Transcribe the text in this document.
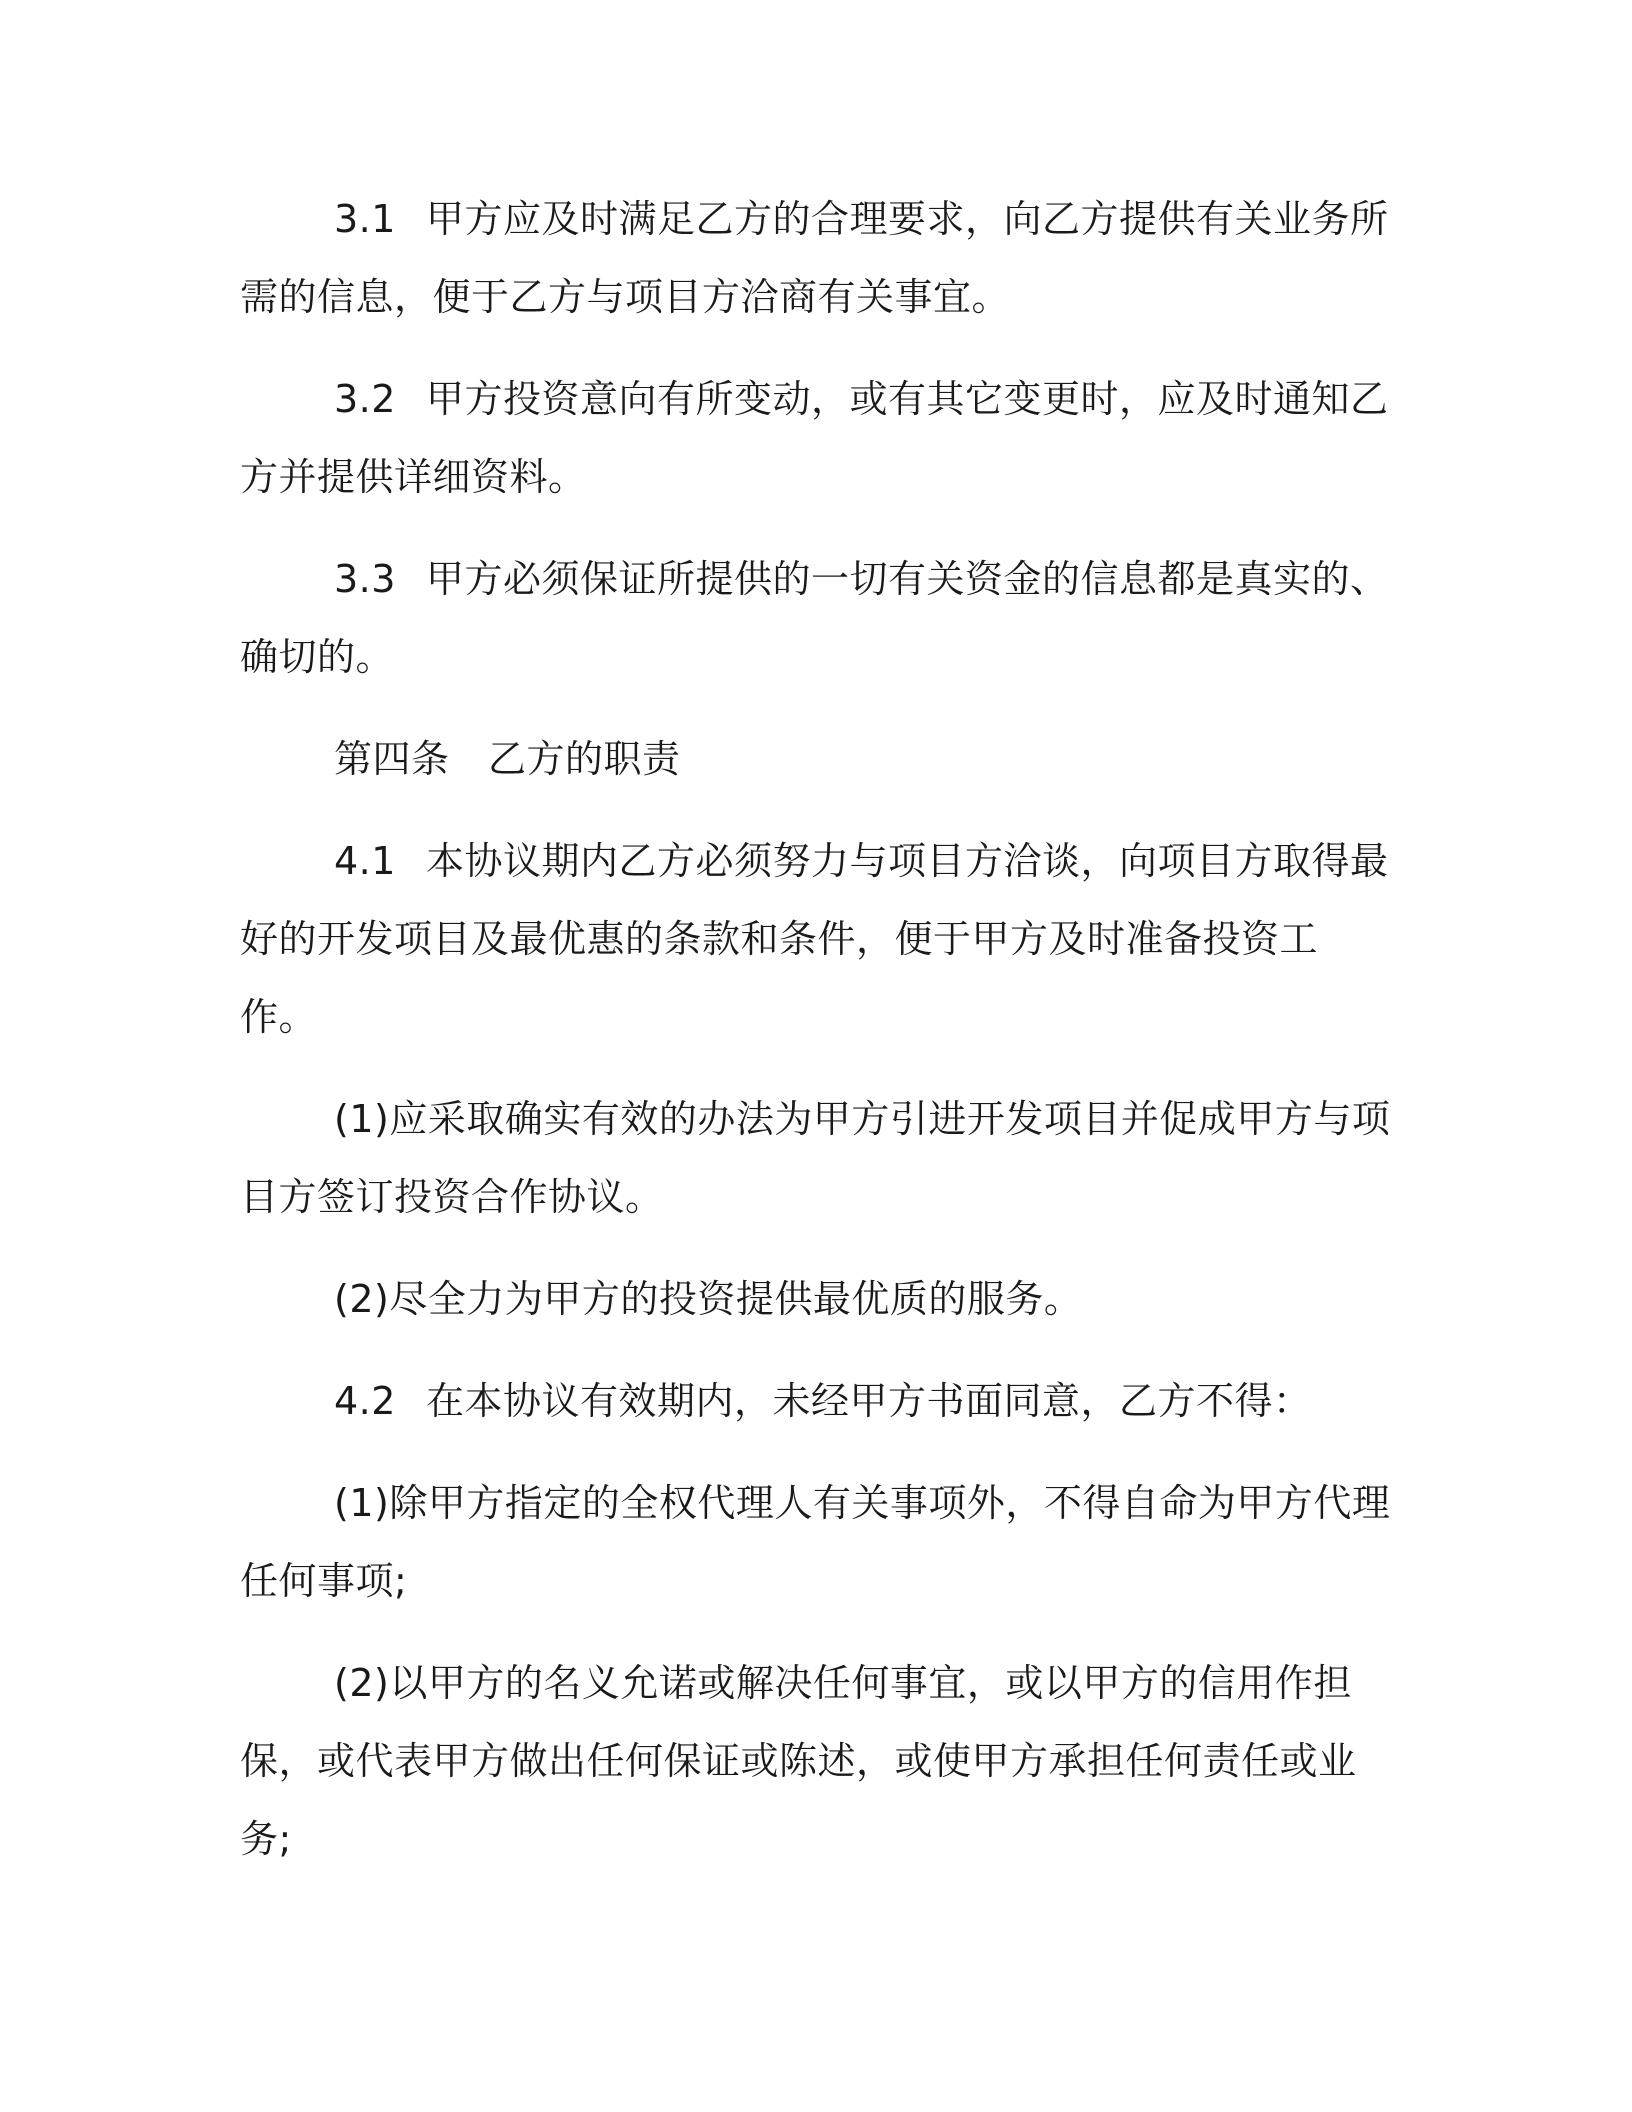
3.1 甲方应及时满足乙方的合理要求，向乙方提供有关业务所需的信息，便于乙方与项目方洽商有关事宜。

3.2 甲方投资意向有所变动，或有其它变更时，应及时通知乙方并提供详细资料。

3.3 甲方必须保证所提供的一切有关资金的信息都是真实的、确切的。

第四条　乙方的职责

4.1 本协议期内乙方必须努力与项目方洽谈，向项目方取得最好的开发项目及最优惠的条款和条件，便于甲方及时准备投资工作。

(1)应采取确实有效的办法为甲方引进开发项目并促成甲方与项目方签订投资合作协议。

(2)尽全力为甲方的投资提供最优质的服务。

4.2 在本协议有效期内，未经甲方书面同意，乙方不得：

(1)除甲方指定的全权代理人有关事项外，不得自命为甲方代理任何事项;

(2)以甲方的名义允诺或解决任何事宜，或以甲方的信用作担保，或代表甲方做出任何保证或陈述，或使甲方承担任何责任或业务;
